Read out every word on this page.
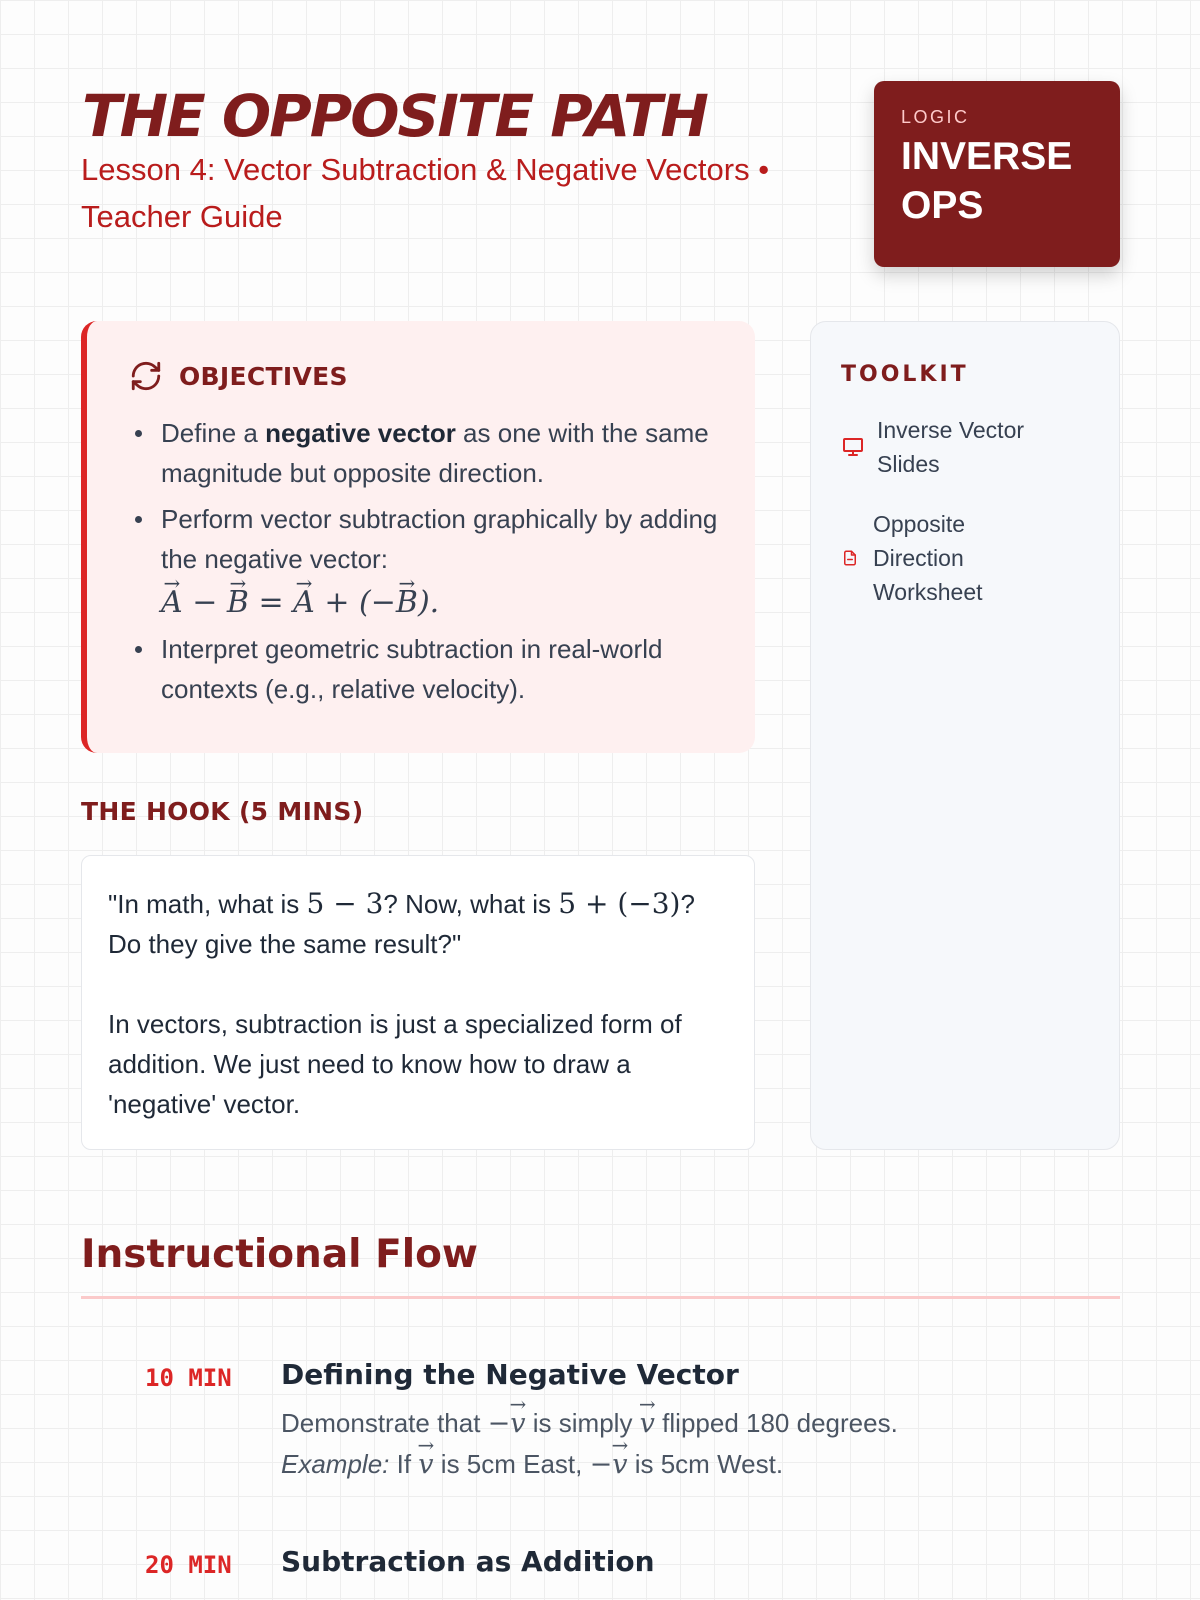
THE OPPOSITE PATH
Lesson 4: Vector Subtraction & Negative Vectors • Teacher Guide
LOGIC
INVERSE
OPS
OBJECTIVES
Define a negative vector as one with the same magnitude but opposite direction.
Perform vector subtraction graphically by adding the negative vector:
→ A − → B = → A + (−→ B).
Interpret geometric subtraction in real-world contexts (e.g., relative velocity).
TOOLKIT
Inverse Vector Slides
Opposite Direction Worksheet
THE HOOK (5 MINS)

"In math, what is 5 − 3? Now, what is 5 + (−3)? Do they give the same result?"

In vectors, subtraction is just a specialized form of addition. We just need to know how to draw a 'negative' vector.

Instructional Flow
10 MIN Defining the Negative Vector
Demonstrate that −→ v is simply → v flipped 180 degrees.
Example: If → v is 5cm East, −→ v is 5cm West.
20 MIN Subtraction as Addition
